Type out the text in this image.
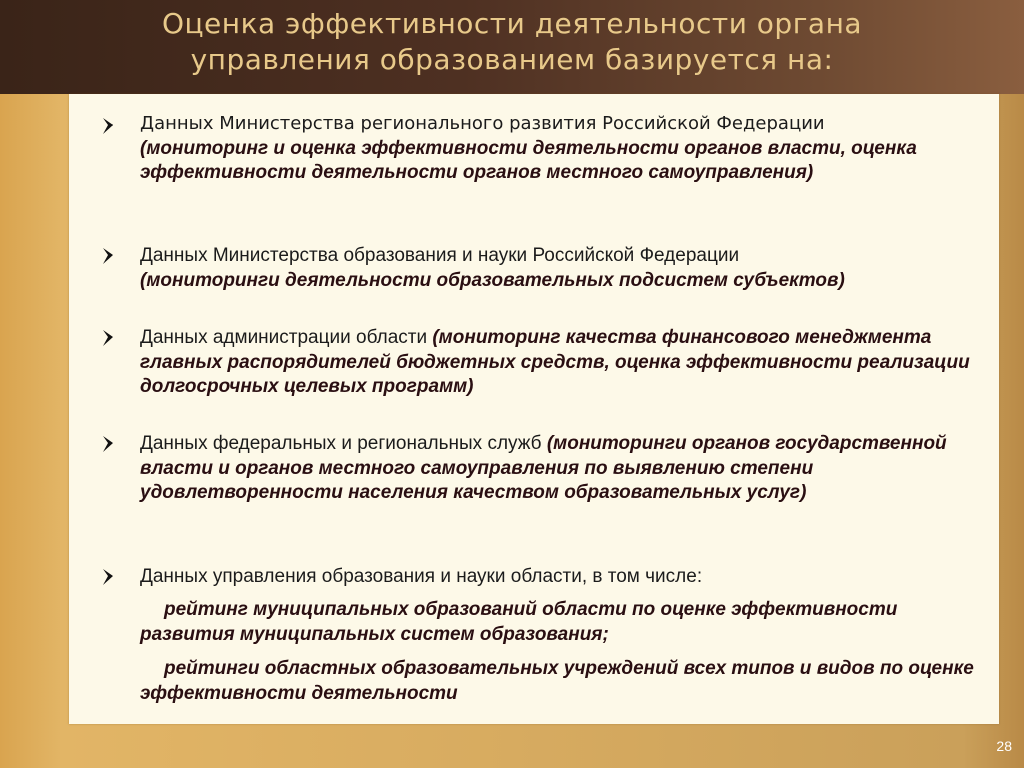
Оценка эффективности деятельности органа
управления образованием базируется на:

Данных Министерства регионального развития Российской Федерации
(мониторинг и оценка эффективности деятельности органов власти, оценка эффективности деятельности органов местного самоуправления)

Данных Министерства образования и науки Российской Федерации
(мониторинги деятельности образовательных подсистем субъектов)

Данных администрации области (мониторинг качества финансового менеджмента главных распорядителей бюджетных средств, оценка эффективности реализации долгосрочных целевых программ)

Данных федеральных и региональных служб (мониторинги органов государственной власти и органов местного самоуправления по выявлению степени удовлетворенности населения качеством образовательных услуг)

Данных управления образования и науки области, в том числе:

рейтинг муниципальных образований области по оценке эффективности развития муниципальных систем образования;

рейтинги областных образовательных учреждений всех типов и видов по оценке эффективности деятельности

28
